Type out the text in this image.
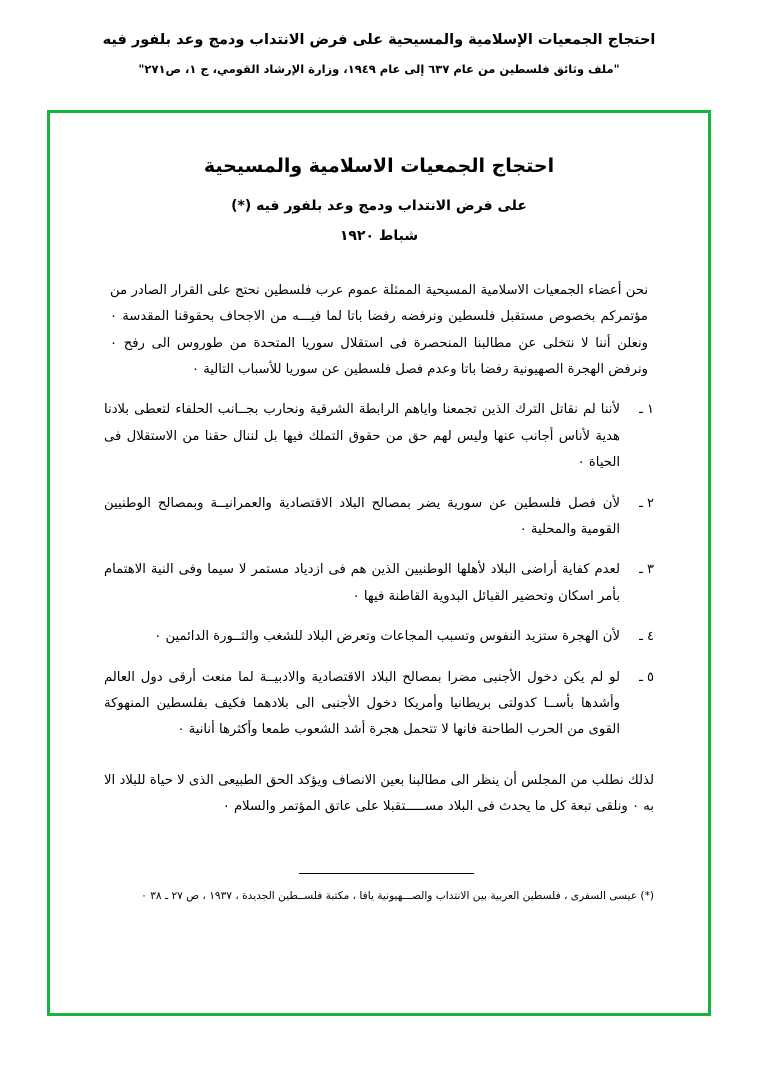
احتجاج الجمعيات الإسلامية والمسيحية على فرض الانتداب ودمج وعد بلفور فيه
"ملف وثائق فلسطين من عام ٦٣٧ إلى عام ١٩٤٩، وزارة الإرشاد القومي، ج ١، ص٢٧١"
احتجاج الجمعيات الاسلامية والمسيحية
على فرض الانتداب ودمج وعد بلفور فيه (*)
شباط ١٩٢٠

نحن أعضاء الجمعيات الاسلامية المسيحية الممثلة عموم عرب فلسطين نحتج على القرار الصادر من مؤتمركم بخصوص مستقبل فلسطين ونرفضه رفضا باتا لما فيـــه من الاجحاف بحقوقنا المقدسة ٠ ونعلن أننا لا نتخلى عن مطالبنا المنحصرة فى استقلال سوريا المتحدة من طوروس الى رفح ٠ ونرفض الهجرة الصهيونية رفضا باتا وعدم فصل فلسطين عن سوريا للأسباب التالية ٠

١ ـ
لأننا لم نقاتل الترك الذين تجمعنا واياهم الرابطة الشرقية ونحارب بجــانب الحلفاء لتعطى بلادنا هدية لأناس أجانب عنها وليس لهم حق من حقوق التملك فيها بل لننال حقنا من الاستقلال فى الحياة ٠
٢ ـ
لأن فصل فلسطين عن سورية يضر بمصالح البلاد الاقتصادية والعمرانيــة وبمصالح الوطنيين القومية والمحلية ٠
٣ ـ
لعدم كفاية أراضى البلاد لأهلها الوطنيين الذين هم فى ازدياد مستمر لا سيما وفى النية الاهتمام بأمر اسكان وتحضير القبائل البدوية القاطنة فيها ٠
٤ ـ
لأن الهجرة ستزيد النفوس وتسبب المجاعات وتعرض البلاد للشغب والثــورة الدائمين ٠
٥ ـ
لو لم يكن دخول الأجنبى مضرا بمصالح البلاد الاقتصادية والادبيــة لما منعت أرقى دول العالم وأشدها بأســا كدولتى بريطانيا وأمريكا دخول الأجنبى الى بلادهما فكيف بفلسطين المنهوكة القوى من الحرب الطاحنة فانها لا تتحمل هجرة أشد الشعوب طمعا وأكثرها أنانية ٠

لذلك نطلب من المجلس أن ينظر الى مطالبنا بعين الانصاف ويؤكد الحق الطبيعى الذى لا حياة للبلاد الا به ٠ ونلقى تبعة كل ما يحدث فى البلاد مســـــتقبلا على عاتق المؤتمر والسلام ٠

(*) عيسى السفرى ، فلسطين العربية بين الانتداب والصـــهيونية يافا ، مكتبة فلســطين الجديدة ، ١٩٣٧ ، ص ٢٧ ـ ٣٨ ٠
